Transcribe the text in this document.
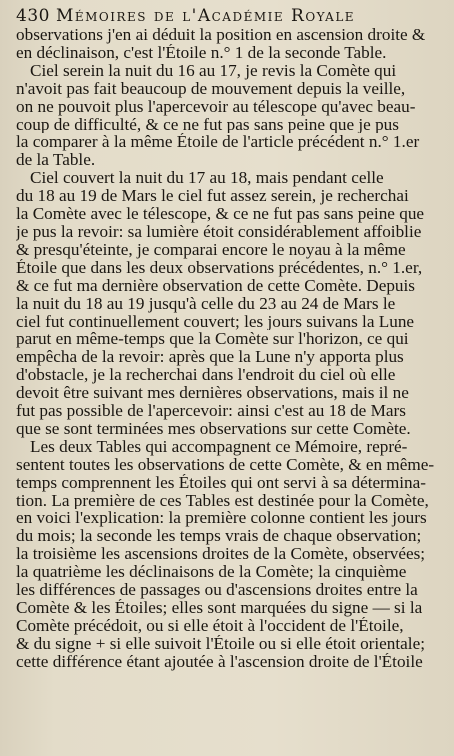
430 Mémoires de l'Académie Royale

observations j'en ai déduit la position en ascension droite &
en déclinaison, c'est l'Étoile n.° 1 de la seconde Table.

Ciel serein la nuit du 16 au 17, je revis la Comète qui
n'avoit pas fait beaucoup de mouvement depuis la veille,
on ne pouvoit plus l'apercevoir au télescope qu'avec beau-
coup de difficulté, & ce ne fut pas sans peine que je pus
la comparer à la même Étoile de l'article précédent n.° 1.er
de la Table.

Ciel couvert la nuit du 17 au 18, mais pendant celle
du 18 au 19 de Mars le ciel fut assez serein, je recherchai
la Comète avec le télescope, & ce ne fut pas sans peine que
je pus la revoir: sa lumière étoit considérablement affoiblie
& presqu'éteinte, je comparai encore le noyau à la même
Étoile que dans les deux observations précédentes, n.° 1.er,
& ce fut ma dernière observation de cette Comète. Depuis
la nuit du 18 au 19 jusqu'à celle du 23 au 24 de Mars le
ciel fut continuellement couvert; les jours suivans la Lune
parut en même-temps que la Comète sur l'horizon, ce qui
empêcha de la revoir: après que la Lune n'y apporta plus
d'obstacle, je la recherchai dans l'endroit du ciel où elle
devoit être suivant mes dernières observations, mais il ne
fut pas possible de l'apercevoir: ainsi c'est au 18 de Mars
que se sont terminées mes observations sur cette Comète.

Les deux Tables qui accompagnent ce Mémoire, repré-
sentent toutes les observations de cette Comète, & en même-
temps comprennent les Étoiles qui ont servi à sa détermina-
tion. La première de ces Tables est destinée pour la Comète,
en voici l'explication: la première colonne contient les jours
du mois; la seconde les temps vrais de chaque observation;
la troisième les ascensions droites de la Comète, observées;
la quatrième les déclinaisons de la Comète; la cinquième
les différences de passages ou d'ascensions droites entre la
Comète & les Étoiles; elles sont marquées du signe — si la
Comète précédoit, ou si elle étoit à l'occident de l'Étoile,
& du signe + si elle suivoit l'Étoile ou si elle étoit orientale;
cette différence étant ajoutée à l'ascension droite de l'Étoile
